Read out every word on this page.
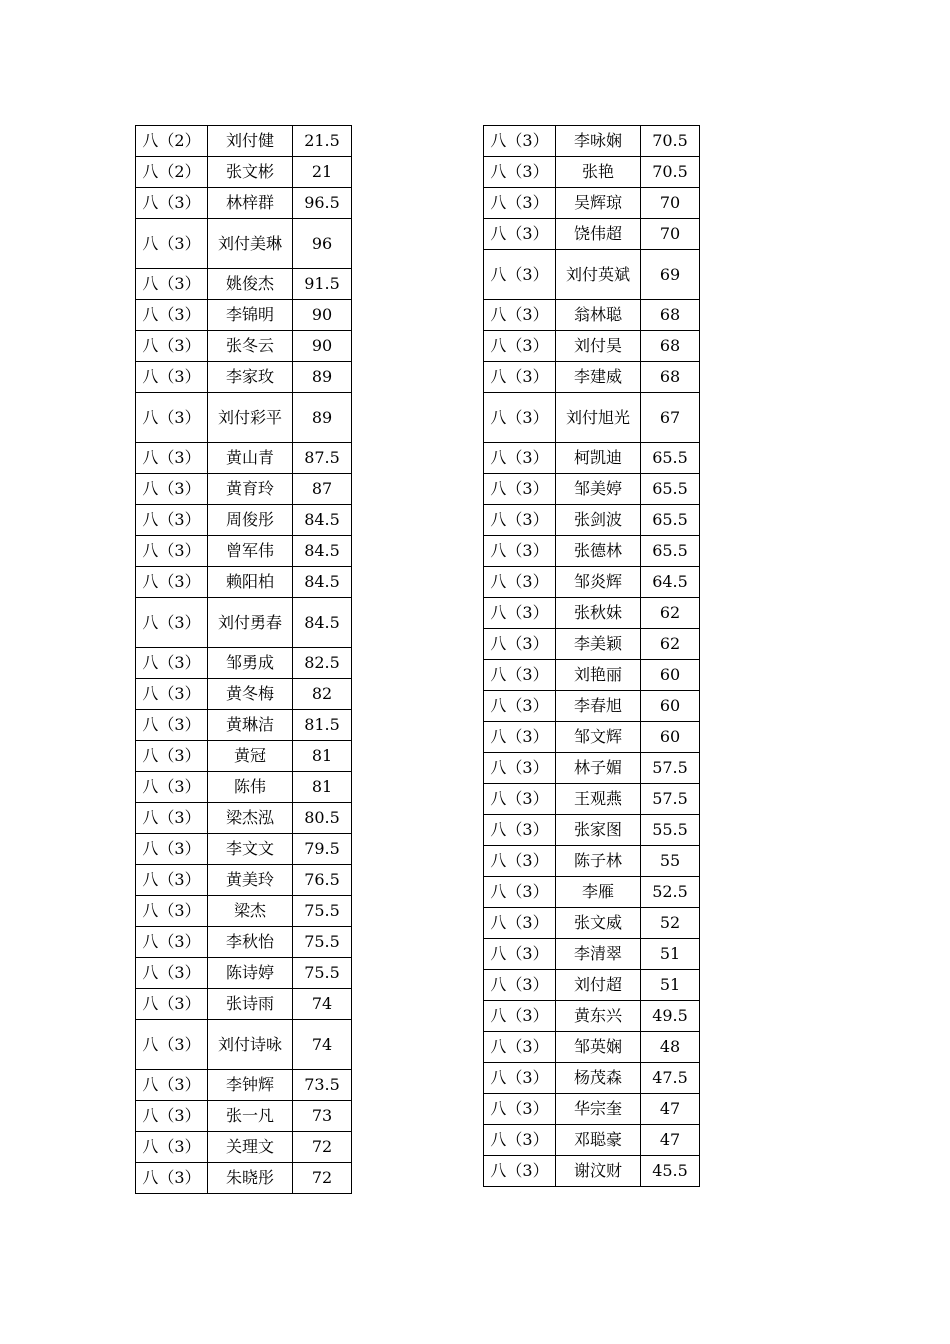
八（2）	刘付健	21.5
八（2）	张文彬	21
八（3）	林梓群	96.5
八（3）	刘付美琳	96
八（3）	姚俊杰	91.5
八（3）	李锦明	90
八（3）	张冬云	90
八（3）	李家玫	89
八（3）	刘付彩平	89
八（3）	黄山青	87.5
八（3）	黄育玲	87
八（3）	周俊彤	84.5
八（3）	曾军伟	84.5
八（3）	赖阳柏	84.5
八（3）	刘付勇春	84.5
八（3）	邹勇成	82.5
八（3）	黄冬梅	82
八（3）	黄琳洁	81.5
八（3）	黄冠	81
八（3）	陈伟	81
八（3）	梁杰泓	80.5
八（3）	李文文	79.5
八（3）	黄美玲	76.5
八（3）	梁杰	75.5
八（3）	李秋怡	75.5
八（3）	陈诗婷	75.5
八（3）	张诗雨	74
八（3）	刘付诗咏	74
八（3）	李钟辉	73.5
八（3）	张一凡	73
八（3）	关理文	72
八（3）	朱晓彤	72
八（3）	李咏娴	70.5
八（3）	张艳	70.5
八（3）	吴辉琼	70
八（3）	饶伟超	70
八（3）	刘付英斌	69
八（3）	翁林聪	68
八（3）	刘付昊	68
八（3）	李建威	68
八（3）	刘付旭光	67
八（3）	柯凯迪	65.5
八（3）	邹美婷	65.5
八（3）	张剑波	65.5
八（3）	张德林	65.5
八（3）	邹炎辉	64.5
八（3）	张秋妹	62
八（3）	李美颖	62
八（3）	刘艳丽	60
八（3）	李春旭	60
八（3）	邹文辉	60
八（3）	林子媚	57.5
八（3）	王观燕	57.5
八（3）	张家图	55.5
八（3）	陈子林	55
八（3）	李雁	52.5
八（3）	张文威	52
八（3）	李清翠	51
八（3）	刘付超	51
八（3）	黄东兴	49.5
八（3）	邹英娴	48
八（3）	杨茂森	47.5
八（3）	华宗奎	47
八（3）	邓聪豪	47
八（3）	谢汶财	45.5
